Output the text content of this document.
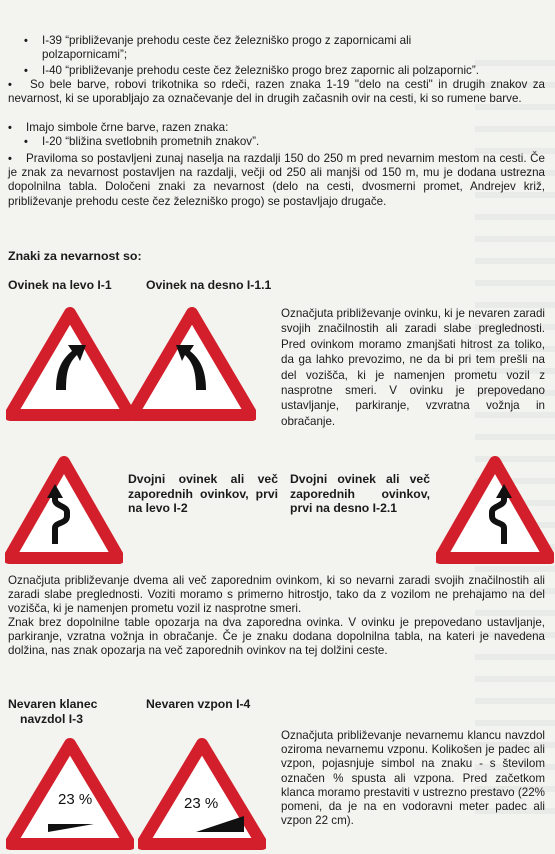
• I-39 “približevanje prehodu ceste čez železniško progo z zapornicami ali
polzapornicami”;
• I-40 “približevanje prehodu ceste čez železniško progo brez zapornic ali polzapornic”.
•	So bele barve, robovi trikotnika so rdeči, razen znaka 1-19 "delo na cesti" in drugih znakov za nevarnost, ki se uporabljajo za označevanje del in drugih začasnih ovir na cesti, ki so rumene barve.
• Imajo simbole črne barve, razen znaka:
• I-20 “bližina svetlobnih prometnih znakov”.
•	Praviloma so postavljeni zunaj naselja na razdalji 150 do 250 m pred nevarnim mestom na cesti. Če je znak za nevarnost postavljen na razdalji, večji od 250 ali manjši od 150 m, mu je dodana ustrezna dopolnilna tabla. Določeni znaki za nevarnost (delo na cesti, dvosmerni promet, Andrejev križ, približevanje prehodu ceste čez železniško progo) se postavljajo drugače.
Znaki za nevarnost so:
Ovinek na levo I-1	Ovinek na desno I-1.1
Označjuta približevanje ovinku, ki je nevaren zaradi svojih značilnostih ali zaradi slabe preglednosti. Pred ovinkom moramo zmanjšati hitrost za toliko, da ga lahko prevozimo, ne da bi pri tem prešli na del vozišča, ki je namenjen prometu vozil z nasprotne smeri. V ovinku je prepovedano ustavljanje, parkiranje, vzvratna vožnja in obračanje.
Dvojni ovinek ali več zaporednih ovinkov, prvi na levo I-2
Dvojni ovinek ali več zaporednih ovinkov, prvi na desno I-2.1
Označjuta približevanje dvema ali več zaporednim ovinkom, ki so nevarni zaradi svojih značilnostih ali zaradi slabe preglednosti. Voziti moramo s primerno hitrostjo, tako da z vozilom ne prehajamo na del vozišča, ki je namenjen prometu vozil iz nasprotne smeri.
Znak brez dopolnilne table opozarja na dva zaporedna ovinka. V ovinku je prepovedano ustavljanje, parkiranje, vzratna vožnja in obračanje. Če je znaku dodana dopolnilna tabla, na kateri je navedena dolžina, nas znak opozarja na več zaporednih ovinkov na tej dolžini ceste.
Nevaren klanec
navzdol I-3
Nevaren vzpon I-4
23 %	23 %
Označjuta približevanje nevarnemu klancu navzdol oziroma nevarnemu vzponu. Kolikošen je padec ali vzpon, pojasnjuje simbol na znaku - s številom označen % spusta ali vzpona. Pred začetkom klanca moramo prestaviti v ustrezno prestavo (22% pomeni, da je na en vodoravni meter padec ali vzpon 22 cm).
